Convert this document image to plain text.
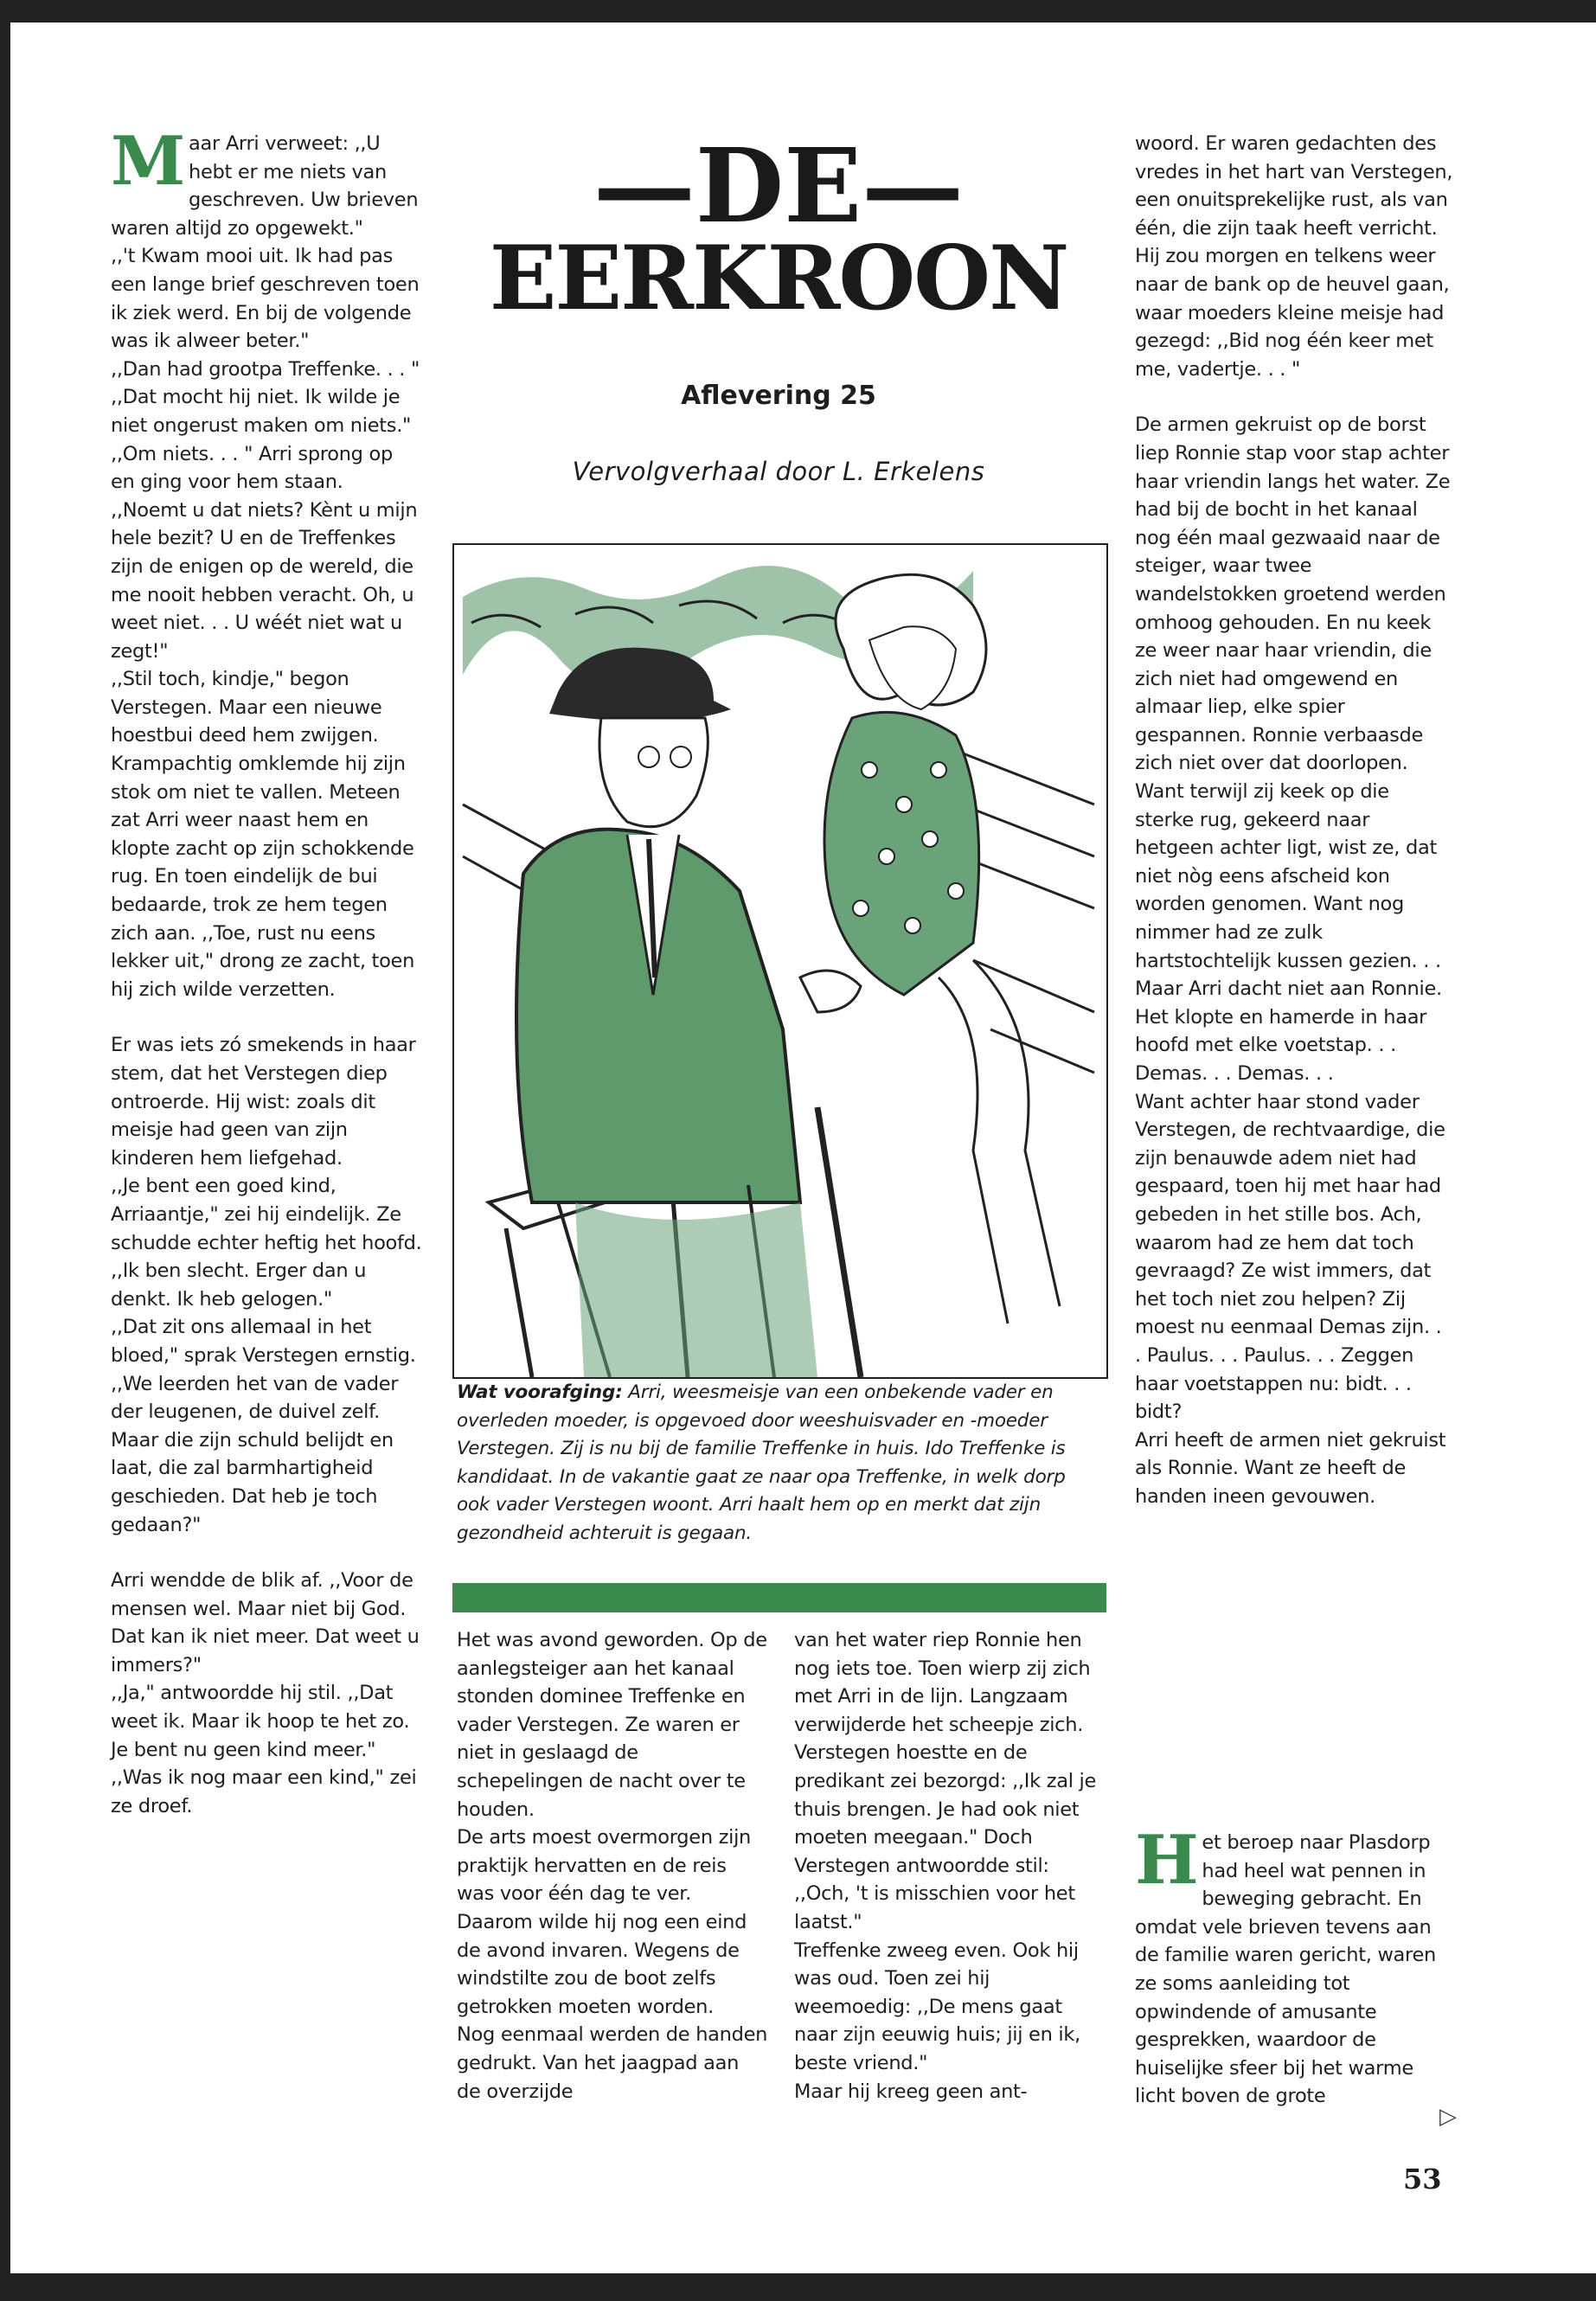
M aar Arri verweet: ,,U hebt er me niets van geschreven. Uw brieven waren altijd zo opgewekt."

,,'t Kwam mooi uit. Ik had pas een lange brief geschreven toen ik ziek werd. En bij de volgende was ik alweer beter."

,,Dan had grootpa Treffenke. . . "

,,Dat mocht hij niet. Ik wilde je niet ongerust maken om niets."

,,Om niets. . . " Arri sprong op en ging voor hem staan. ,,Noemt u dat niets? Kènt u mijn hele bezit? U en de Treffenkes zijn de enigen op de wereld, die me nooit hebben veracht. Oh, u weet niet. . . U wéét niet wat u zegt!"

,,Stil toch, kindje," begon Verstegen. Maar een nieuwe hoestbui deed hem zwijgen. Krampachtig omklemde hij zijn stok om niet te vallen. Meteen zat Arri weer naast hem en klopte zacht op zijn schokkende rug. En toen eindelijk de bui bedaarde, trok ze hem tegen zich aan. ,,Toe, rust nu eens lekker uit," drong ze zacht, toen hij zich wilde verzetten.

Er was iets zó smekends in haar stem, dat het Verstegen diep ontroerde. Hij wist: zoals dit meisje had geen van zijn kinderen hem liefgehad.

,,Je bent een goed kind, Arriaantje," zei hij eindelijk. Ze schudde echter heftig het hoofd. ,,Ik ben slecht. Erger dan u denkt. Ik heb gelogen."

,,Dat zit ons allemaal in het bloed," sprak Verstegen ernstig. ,,We leerden het van de vader der leugenen, de duivel zelf. Maar die zijn schuld belijdt en laat, die zal barmhartigheid geschieden. Dat heb je toch gedaan?"

Arri wendde de blik af. ,,Voor de mensen wel. Maar niet bij God. Dat kan ik niet meer. Dat weet u immers?"

,,Ja," antwoordde hij stil. ,,Dat weet ik. Maar ik hoop te het zo. Je bent nu geen kind meer."

,,Was ik nog maar een kind," zei ze droef.

—DE—
EERKROON
Aflevering 25
Vervolgverhaal door L. Erkelens
Wat voorafging: Arri, weesmeisje van een onbekende vader en overleden moeder, is opgevoed door weeshuisvader en -moeder Verstegen. Zij is nu bij de familie Treffenke in huis. Ido Treffenke is kandidaat. In de vakantie gaat ze naar opa Treffenke, in welk dorp ook vader Verstegen woont. Arri haalt hem op en merkt dat zijn gezondheid achteruit is gegaan.

Het was avond geworden. Op de aanlegsteiger aan het kanaal stonden dominee Treffenke en vader Verstegen. Ze waren er niet in geslaagd de schepelingen de nacht over te houden.

De arts moest overmorgen zijn praktijk hervatten en de reis was voor één dag te ver. Daarom wilde hij nog een eind de avond invaren. Wegens de windstilte zou de boot zelfs getrokken moeten worden.

Nog eenmaal werden de handen gedrukt. Van het jaagpad aan de overzijde

van het water riep Ronnie hen nog iets toe. Toen wierp zij zich met Arri in de lijn. Langzaam verwijderde het scheepje zich.

Verstegen hoestte en de predikant zei bezorgd: ,,Ik zal je thuis brengen. Je had ook niet moeten meegaan." Doch Verstegen antwoordde stil: ,,Och, 't is misschien voor het laatst."

Treffenke zweeg even. Ook hij was oud. Toen zei hij weemoedig: ,,De mens gaat naar zijn eeuwig huis; jij en ik, beste vriend."

Maar hij kreeg geen ant-

woord. Er waren gedachten des vredes in het hart van Verstegen, een onuitsprekelijke rust, als van één, die zijn taak heeft verricht. Hij zou morgen en telkens weer naar de bank op de heuvel gaan, waar moeders kleine meisje had gezegd: ,,Bid nog één keer met me, vadertje. . . "

De armen gekruist op de borst liep Ronnie stap voor stap achter haar vriendin langs het water. Ze had bij de bocht in het kanaal nog één maal gezwaaid naar de steiger, waar twee wandelstokken groetend werden omhoog gehouden. En nu keek ze weer naar haar vriendin, die zich niet had omgewend en almaar liep, elke spier gespannen. Ronnie verbaasde zich niet over dat doorlopen. Want terwijl zij keek op die sterke rug, gekeerd naar hetgeen achter ligt, wist ze, dat niet nòg eens afscheid kon worden genomen. Want nog nimmer had ze zulk hartstochtelijk kussen gezien. . .

Maar Arri dacht niet aan Ronnie. Het klopte en hamerde in haar hoofd met elke voetstap. . . Demas. . . Demas. . .

Want achter haar stond vader Verstegen, de rechtvaardige, die zijn benauwde adem niet had gespaard, toen hij met haar had gebeden in het stille bos. Ach, waarom had ze hem dat toch gevraagd? Ze wist immers, dat het toch niet zou helpen? Zij moest nu eenmaal Demas zijn. . . Paulus. . . Paulus. . . Zeggen haar voetstappen nu: bidt. . . bidt?

Arri heeft de armen niet gekruist als Ronnie. Want ze heeft de handen ineen gevouwen.

H et beroep naar Plasdorp had heel wat pennen in beweging gebracht. En omdat vele brieven tevens aan de familie waren gericht, waren ze soms aanleiding tot opwindende of amusante gesprekken, waardoor de huiselijke sfeer bij het warme licht boven de grote

▷
53
